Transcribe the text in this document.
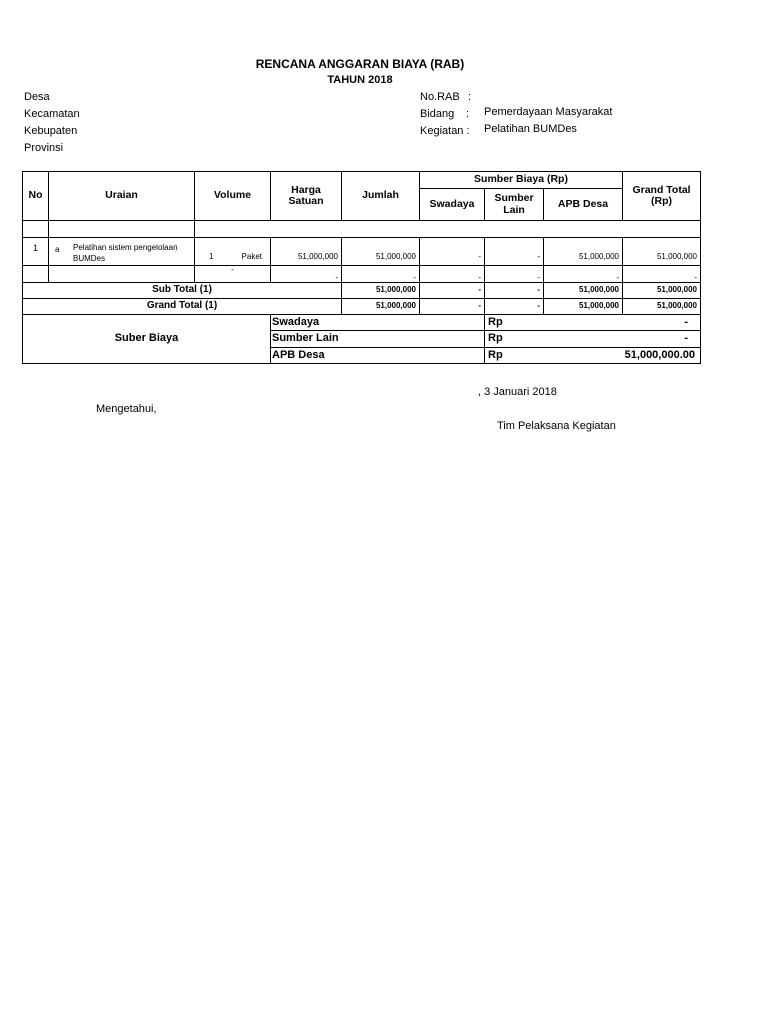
RENCANA ANGGARAN BIAYA (RAB)
TAHUN 2018
Desa
Kecamatan
Kebupaten
Provinsi
No.RAB :
Bidang : Pemerdayaan Masyarakat
Kegiatan : Pelatihan BUMDes
No	Uraian	Volume	Harga Satuan	Jumlah	Sumber Biaya (Rp)			Grand Total (Rp)
					Swadaya	Sumber Lain	APB Desa	

1	a Pelatihan sistem pengelolaan BUMDes	1 Paket	51,000,000	51,000,000	-	-	51,000,000	51,000,000
		-	-	-	-	-	-	-
Sub Total (1)				51,000,000	-	-	51,000,000	51,000,000
Grand Total (1)				51,000,000	-	-	51,000,000	51,000,000
Suber Biaya			Swadaya			Rp	-	
			Sumber Lain			Rp	-	
			APB Desa			Rp	51,000,000.00	
, 3 Januari 2018
Mengetahui,
Tim Pelaksana Kegiatan
